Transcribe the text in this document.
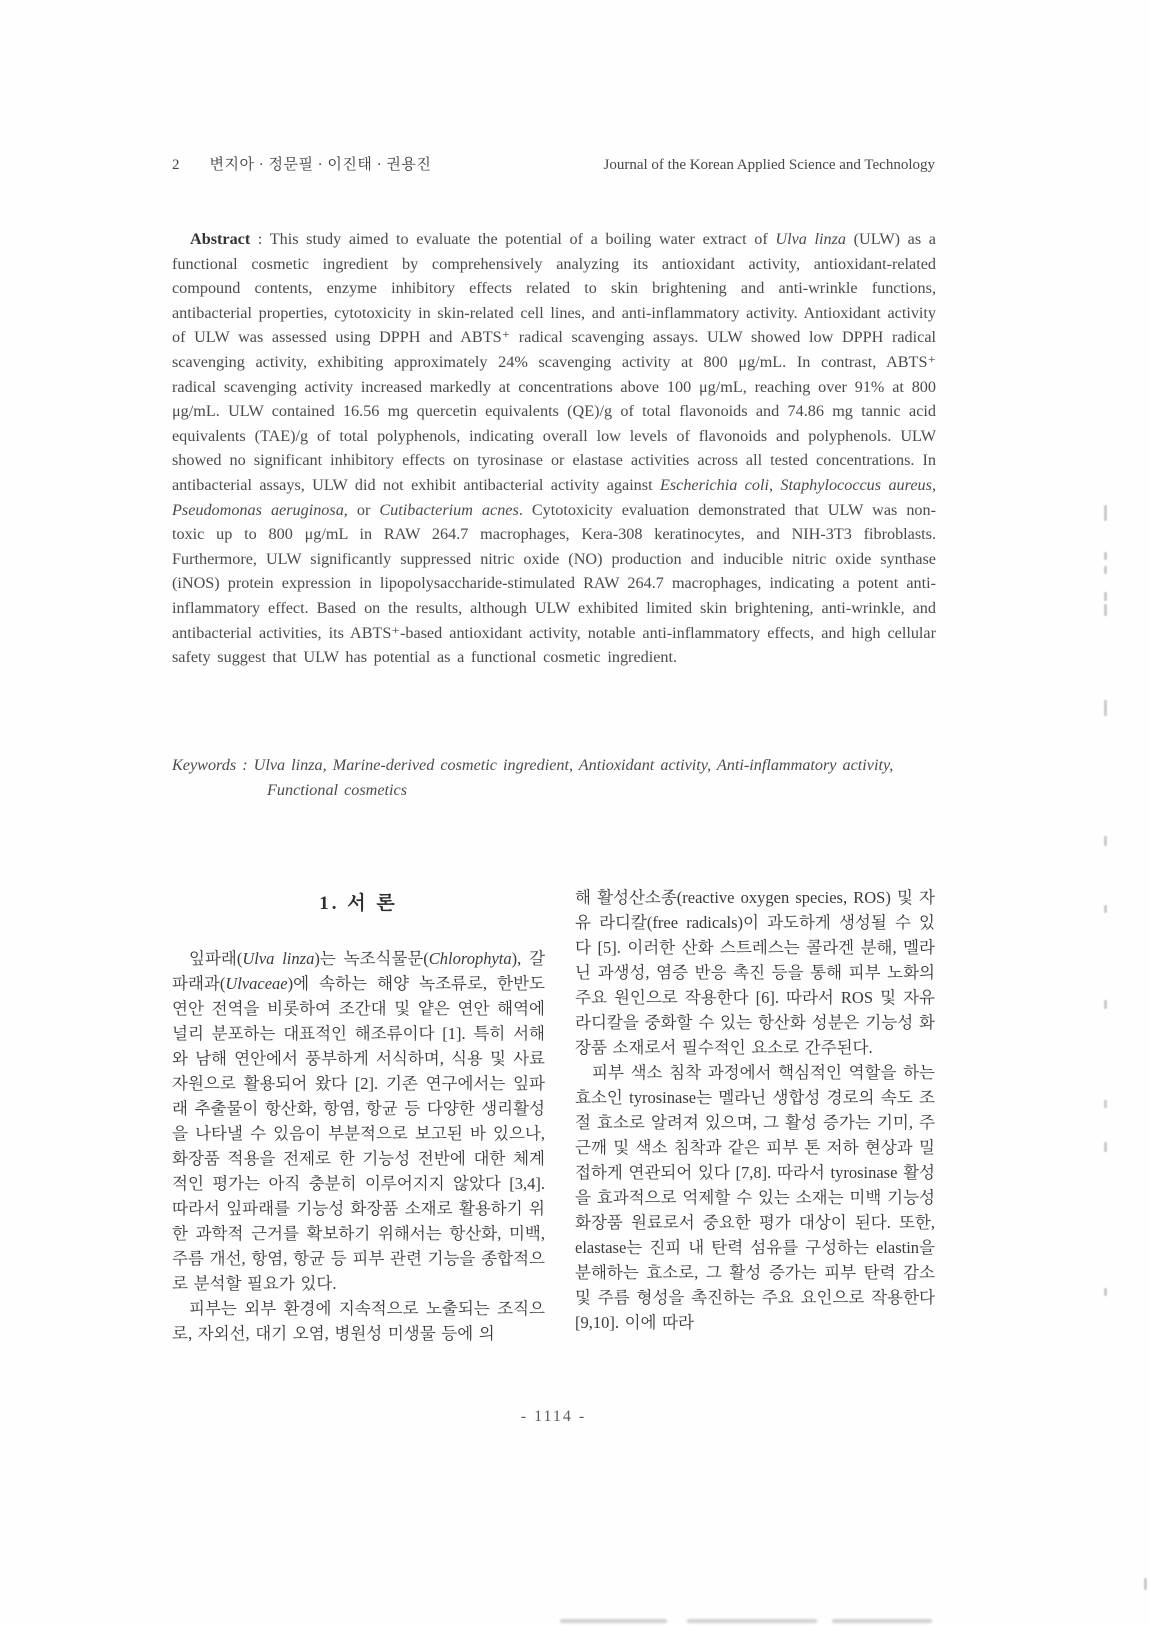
2 변지아 · 정문필 · 이진태 · 권용진	Journal of the Korean Applied Science and Technology
Abstract : This study aimed to evaluate the potential of a boiling water extract of Ulva linza (ULW) as a functional cosmetic ingredient by comprehensively analyzing its antioxidant activity, antioxidant-related compound contents, enzyme inhibitory effects related to skin brightening and anti-wrinkle functions, antibacterial properties, cytotoxicity in skin-related cell lines, and anti-inflammatory activity. Antioxidant activity of ULW was assessed using DPPH and ABTS⁺ radical scavenging assays. ULW showed low DPPH radical scavenging activity, exhibiting approximately 24% scavenging activity at 800 μg/mL. In contrast, ABTS⁺ radical scavenging activity increased markedly at concentrations above 100 μg/mL, reaching over 91% at 800 μg/mL. ULW contained 16.56 mg quercetin equivalents (QE)/g of total flavonoids and 74.86 mg tannic acid equivalents (TAE)/g of total polyphenols, indicating overall low levels of flavonoids and polyphenols. ULW showed no significant inhibitory effects on tyrosinase or elastase activities across all tested concentrations. In antibacterial assays, ULW did not exhibit antibacterial activity against Escherichia coli, Staphylococcus aureus, Pseudomonas aeruginosa, or Cutibacterium acnes. Cytotoxicity evaluation demonstrated that ULW was non-toxic up to 800 μg/mL in RAW 264.7 macrophages, Kera-308 keratinocytes, and NIH-3T3 fibroblasts. Furthermore, ULW significantly suppressed nitric oxide (NO) production and inducible nitric oxide synthase (iNOS) protein expression in lipopolysaccharide-stimulated RAW 264.7 macrophages, indicating a potent anti-inflammatory effect. Based on the results, although ULW exhibited limited skin brightening, anti-wrinkle, and antibacterial activities, its ABTS⁺-based antioxidant activity, notable anti-inflammatory effects, and high cellular safety suggest that ULW has potential as a functional cosmetic ingredient.
Keywords : Ulva linza, Marine-derived cosmetic ingredient, Antioxidant activity, Anti-inflammatory activity, Functional cosmetics
1. 서 론

잎파래(Ulva linza)는 녹조식물문(Chlorophyta), 갈파래과(Ulvaceae)에 속하는 해양 녹조류로, 한반도 연안 전역을 비롯하여 조간대 및 얕은 연안 해역에 널리 분포하는 대표적인 해조류이다 [1]. 특히 서해와 남해 연안에서 풍부하게 서식하며, 식용 및 사료 자원으로 활용되어 왔다 [2]. 기존 연구에서는 잎파래 추출물이 항산화, 항염, 항균 등 다양한 생리활성을 나타낼 수 있음이 부분적으로 보고된 바 있으나, 화장품 적용을 전제로 한 기능성 전반에 대한 체계적인 평가는 아직 충분히 이루어지지 않았다 [3,4]. 따라서 잎파래를 기능성 화장품 소재로 활용하기 위한 과학적 근거를 확보하기 위해서는 항산화, 미백, 주름 개선, 항염, 항균 등 피부 관련 기능을 종합적으로 분석할 필요가 있다.

피부는 외부 환경에 지속적으로 노출되는 조직으로, 자외선, 대기 오염, 병원성 미생물 등에 의

해 활성산소종(reactive oxygen species, ROS) 및 자유 라디칼(free radicals)이 과도하게 생성될 수 있다 [5]. 이러한 산화 스트레스는 콜라겐 분해, 멜라닌 과생성, 염증 반응 촉진 등을 통해 피부 노화의 주요 원인으로 작용한다 [6]. 따라서 ROS 및 자유 라디칼을 중화할 수 있는 항산화 성분은 기능성 화장품 소재로서 필수적인 요소로 간주된다.

피부 색소 침착 과정에서 핵심적인 역할을 하는 효소인 tyrosinase는 멜라닌 생합성 경로의 속도 조절 효소로 알려져 있으며, 그 활성 증가는 기미, 주근깨 및 색소 침착과 같은 피부 톤 저하 현상과 밀접하게 연관되어 있다 [7,8]. 따라서 tyrosinase 활성을 효과적으로 억제할 수 있는 소재는 미백 기능성 화장품 원료로서 중요한 평가 대상이 된다. 또한, elastase는 진피 내 탄력 섬유를 구성하는 elastin을 분해하는 효소로, 그 활성 증가는 피부 탄력 감소 및 주름 형성을 촉진하는 주요 요인으로 작용한다 [9,10]. 이에 따라

- 1114 -
